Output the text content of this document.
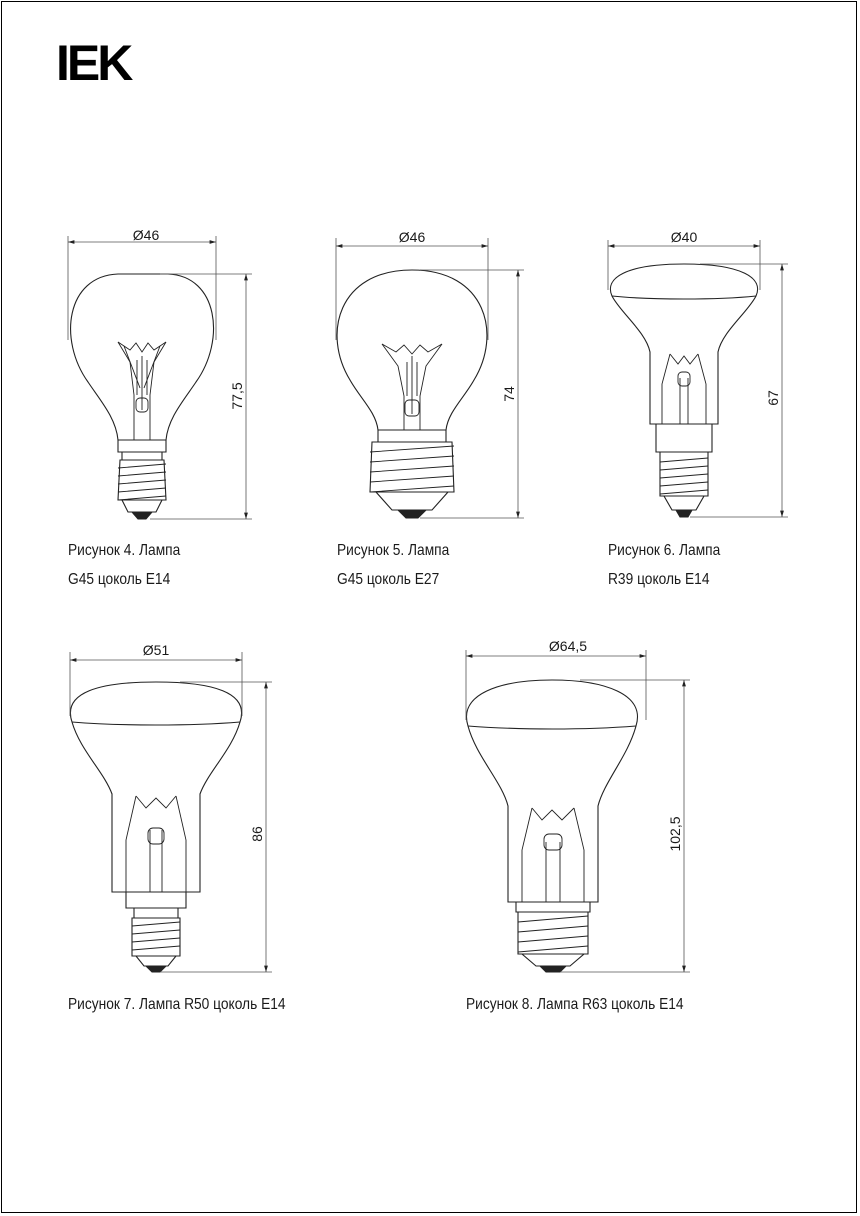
IEK
Ø46
77,5
Ø46
74
Ø40
67
Ø51
86
Ø64,5
102,5
Рисунок 4. Лампа
G45 цоколь E14
Рисунок 5. Лампа
G45 цоколь E27
Рисунок 6. Лампа
R39 цоколь E14
Рисунок 7. Лампа R50 цоколь E14	Рисунок 8. Лампа R63 цоколь E14
